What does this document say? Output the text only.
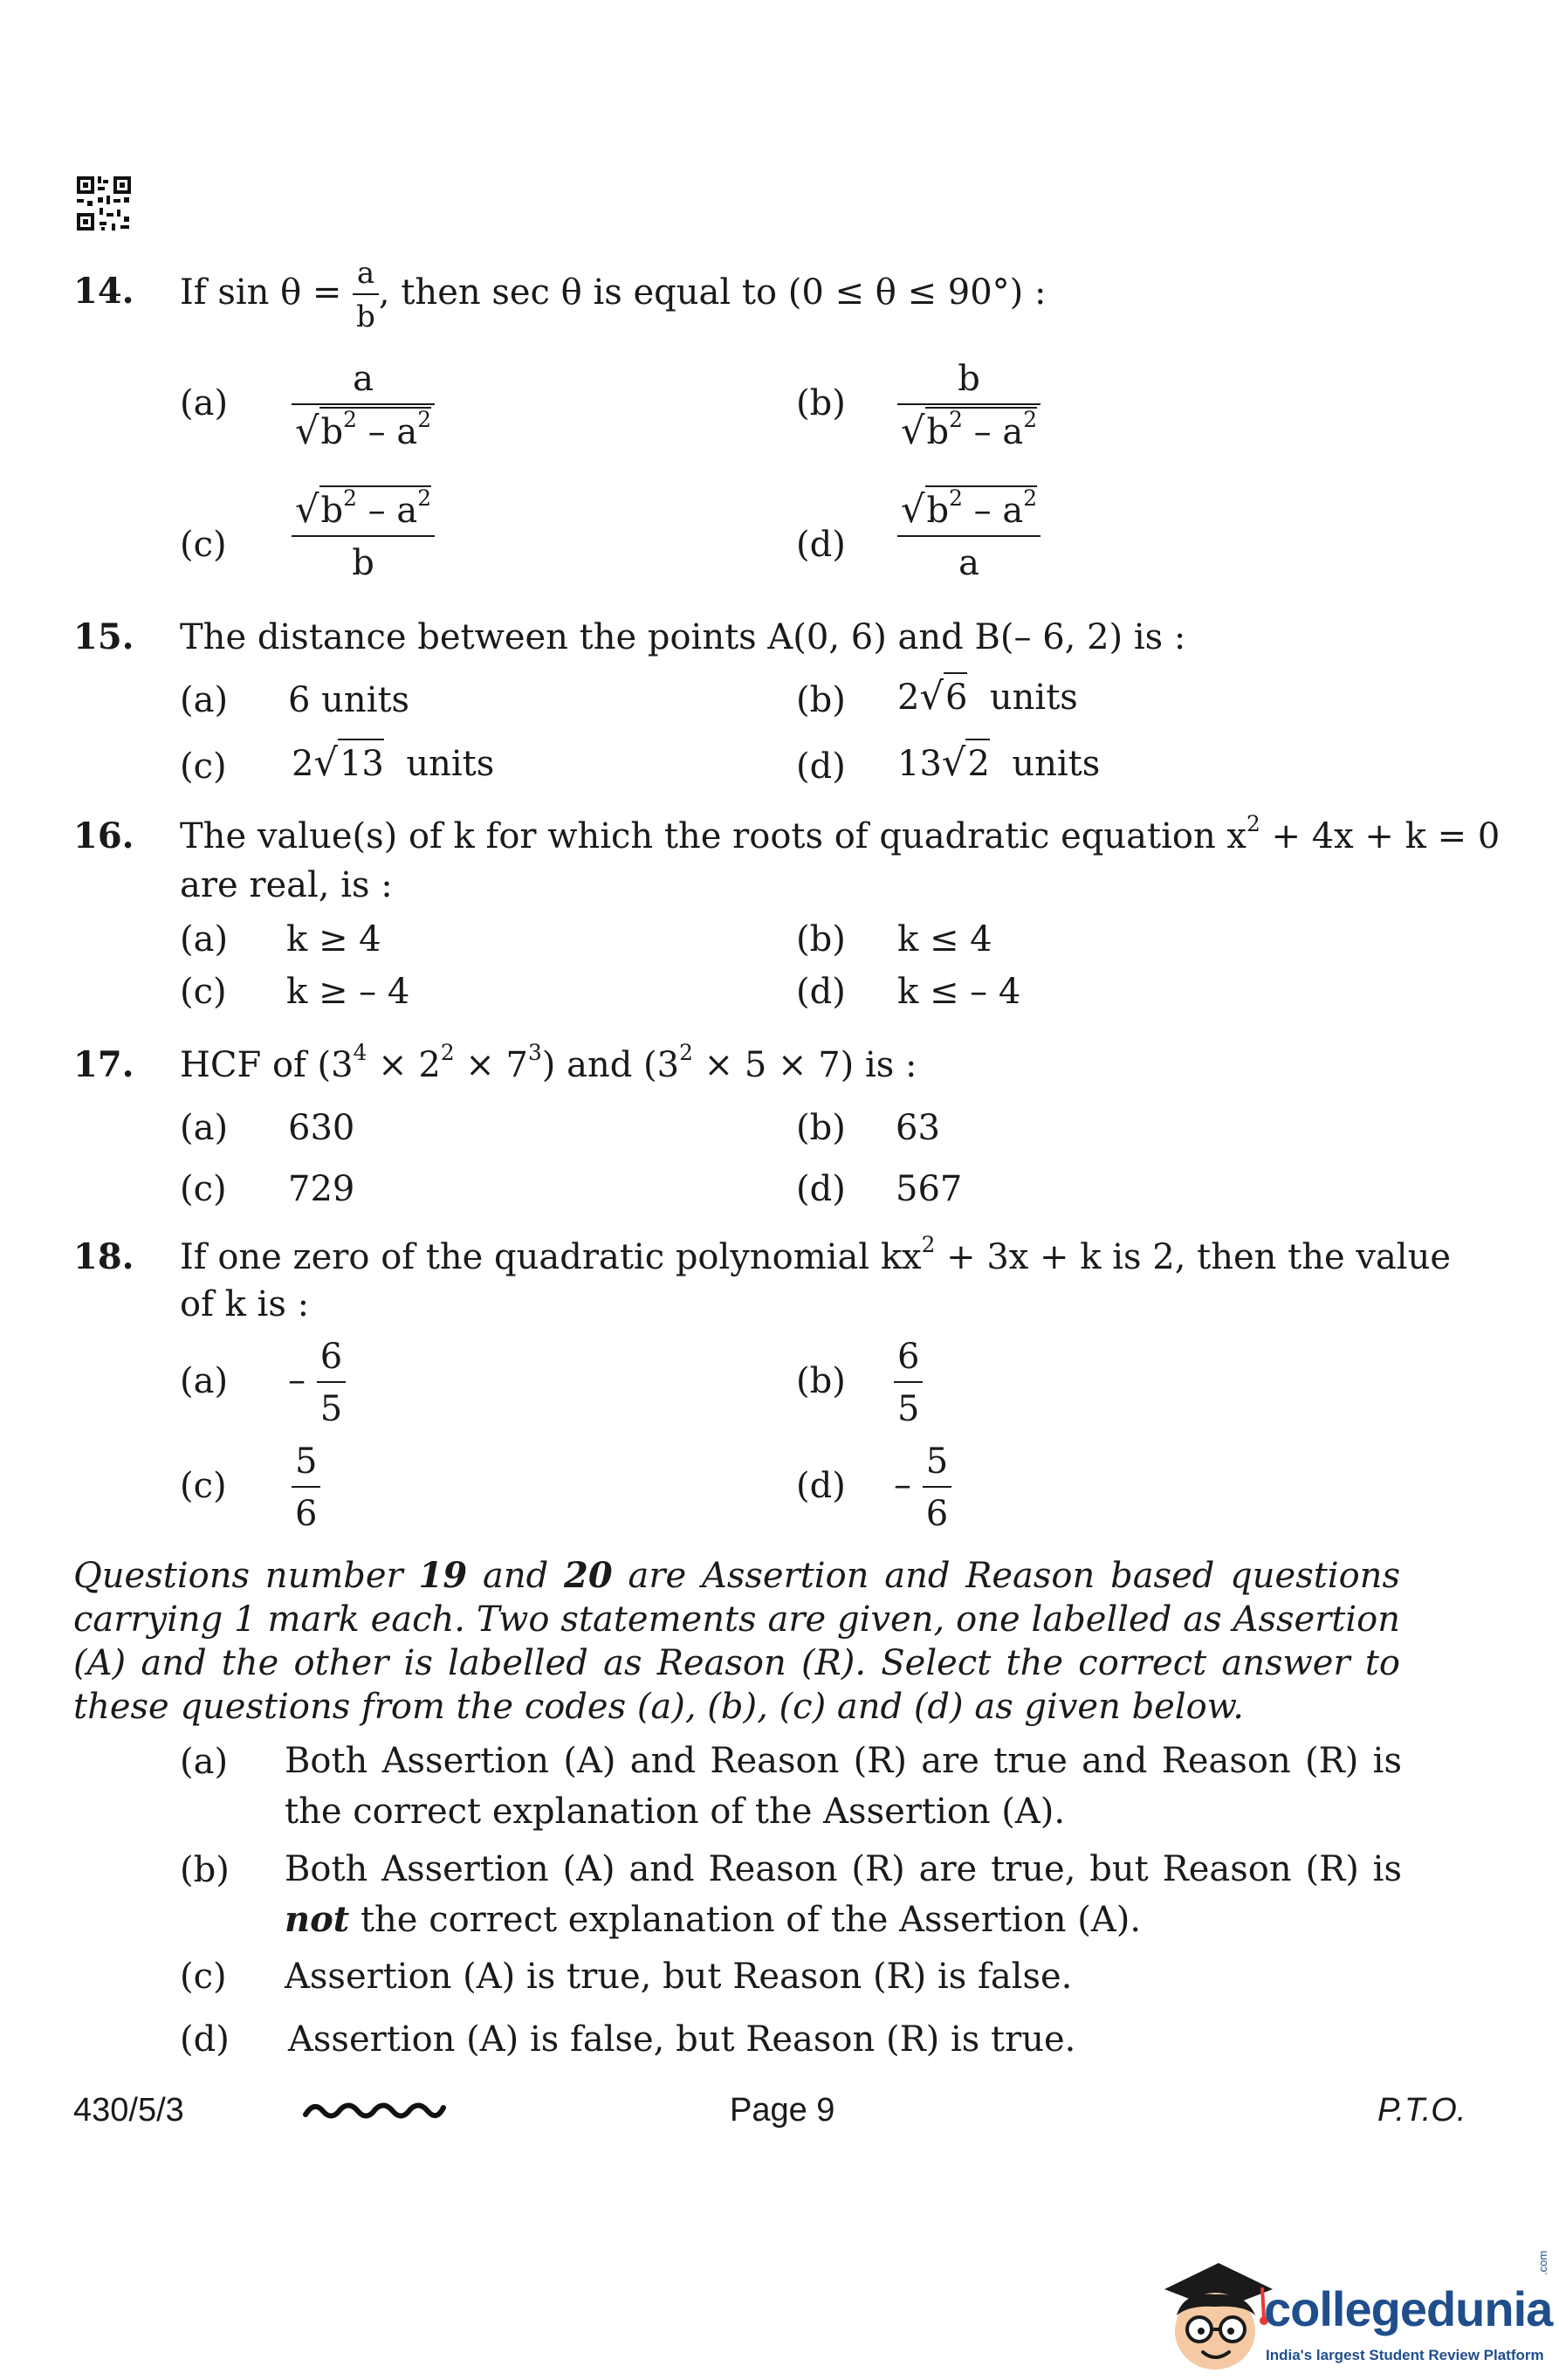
14. If $\sin \theta = \frac{a}{b}$ , then sec θ is equal to (0 ≤ θ ≤ 90°) :
$(a) \frac{a}{√b^2 - a^2}$	$(b) \frac{b}{√b^2 - a^2}$
$(c) \frac{√b^2 - a^2}{b}$	$(d) \frac{√b^2 - a^2}{a}$
15. The distance between the points A(0, 6) and B(– 6, 2) is :
(a) 6 units	(b) 2√6 units
(c) 2√13 units	(d) 13√2 units
16. The value(s) of k for which the roots of quadratic equation $x^2 + 4x + k = 0$
are real, is :
(a) k ≥ 4	(b) k ≤ 4
(c) k ≥ – 4	(d) k ≤ – 4
17. HCF of $(3^4 \times 2^2 \times 7^3)$ and $(3^2 \times 5 \times 7)$ is :
(a) 630	(b) 63
(c) 729	(d) 567
18. If one zero of the quadratic polynomial $kx^2 + 3x + k$ is 2, then the value
of k is :
$(a) - \frac{6}{5}$	$(b) \frac{6}{5}$
$(c) \frac{5}{6}$	$(d) - \frac{5}{6}$
Questions number 19 and 20 are Assertion and Reason based questions carrying 1 mark each. Two statements are given, one labelled as Assertion (A) and the other is labelled as Reason (R). Select the correct answer to these questions from the codes (a), (b), (c) and (d) as given below.
(a) Both Assertion (A) and Reason (R) are true and Reason (R) is the correct explanation of the Assertion (A).
(b) Both Assertion (A) and Reason (R) are true, but Reason (R) is not the correct explanation of the Assertion (A).
(c) Assertion (A) is true, but Reason (R) is false.
(d) Assertion (A) is false, but Reason (R) is true.
430/5/3	Page 9	P.T.O.
collegedunia
.com
India's largest Student Review Platform
